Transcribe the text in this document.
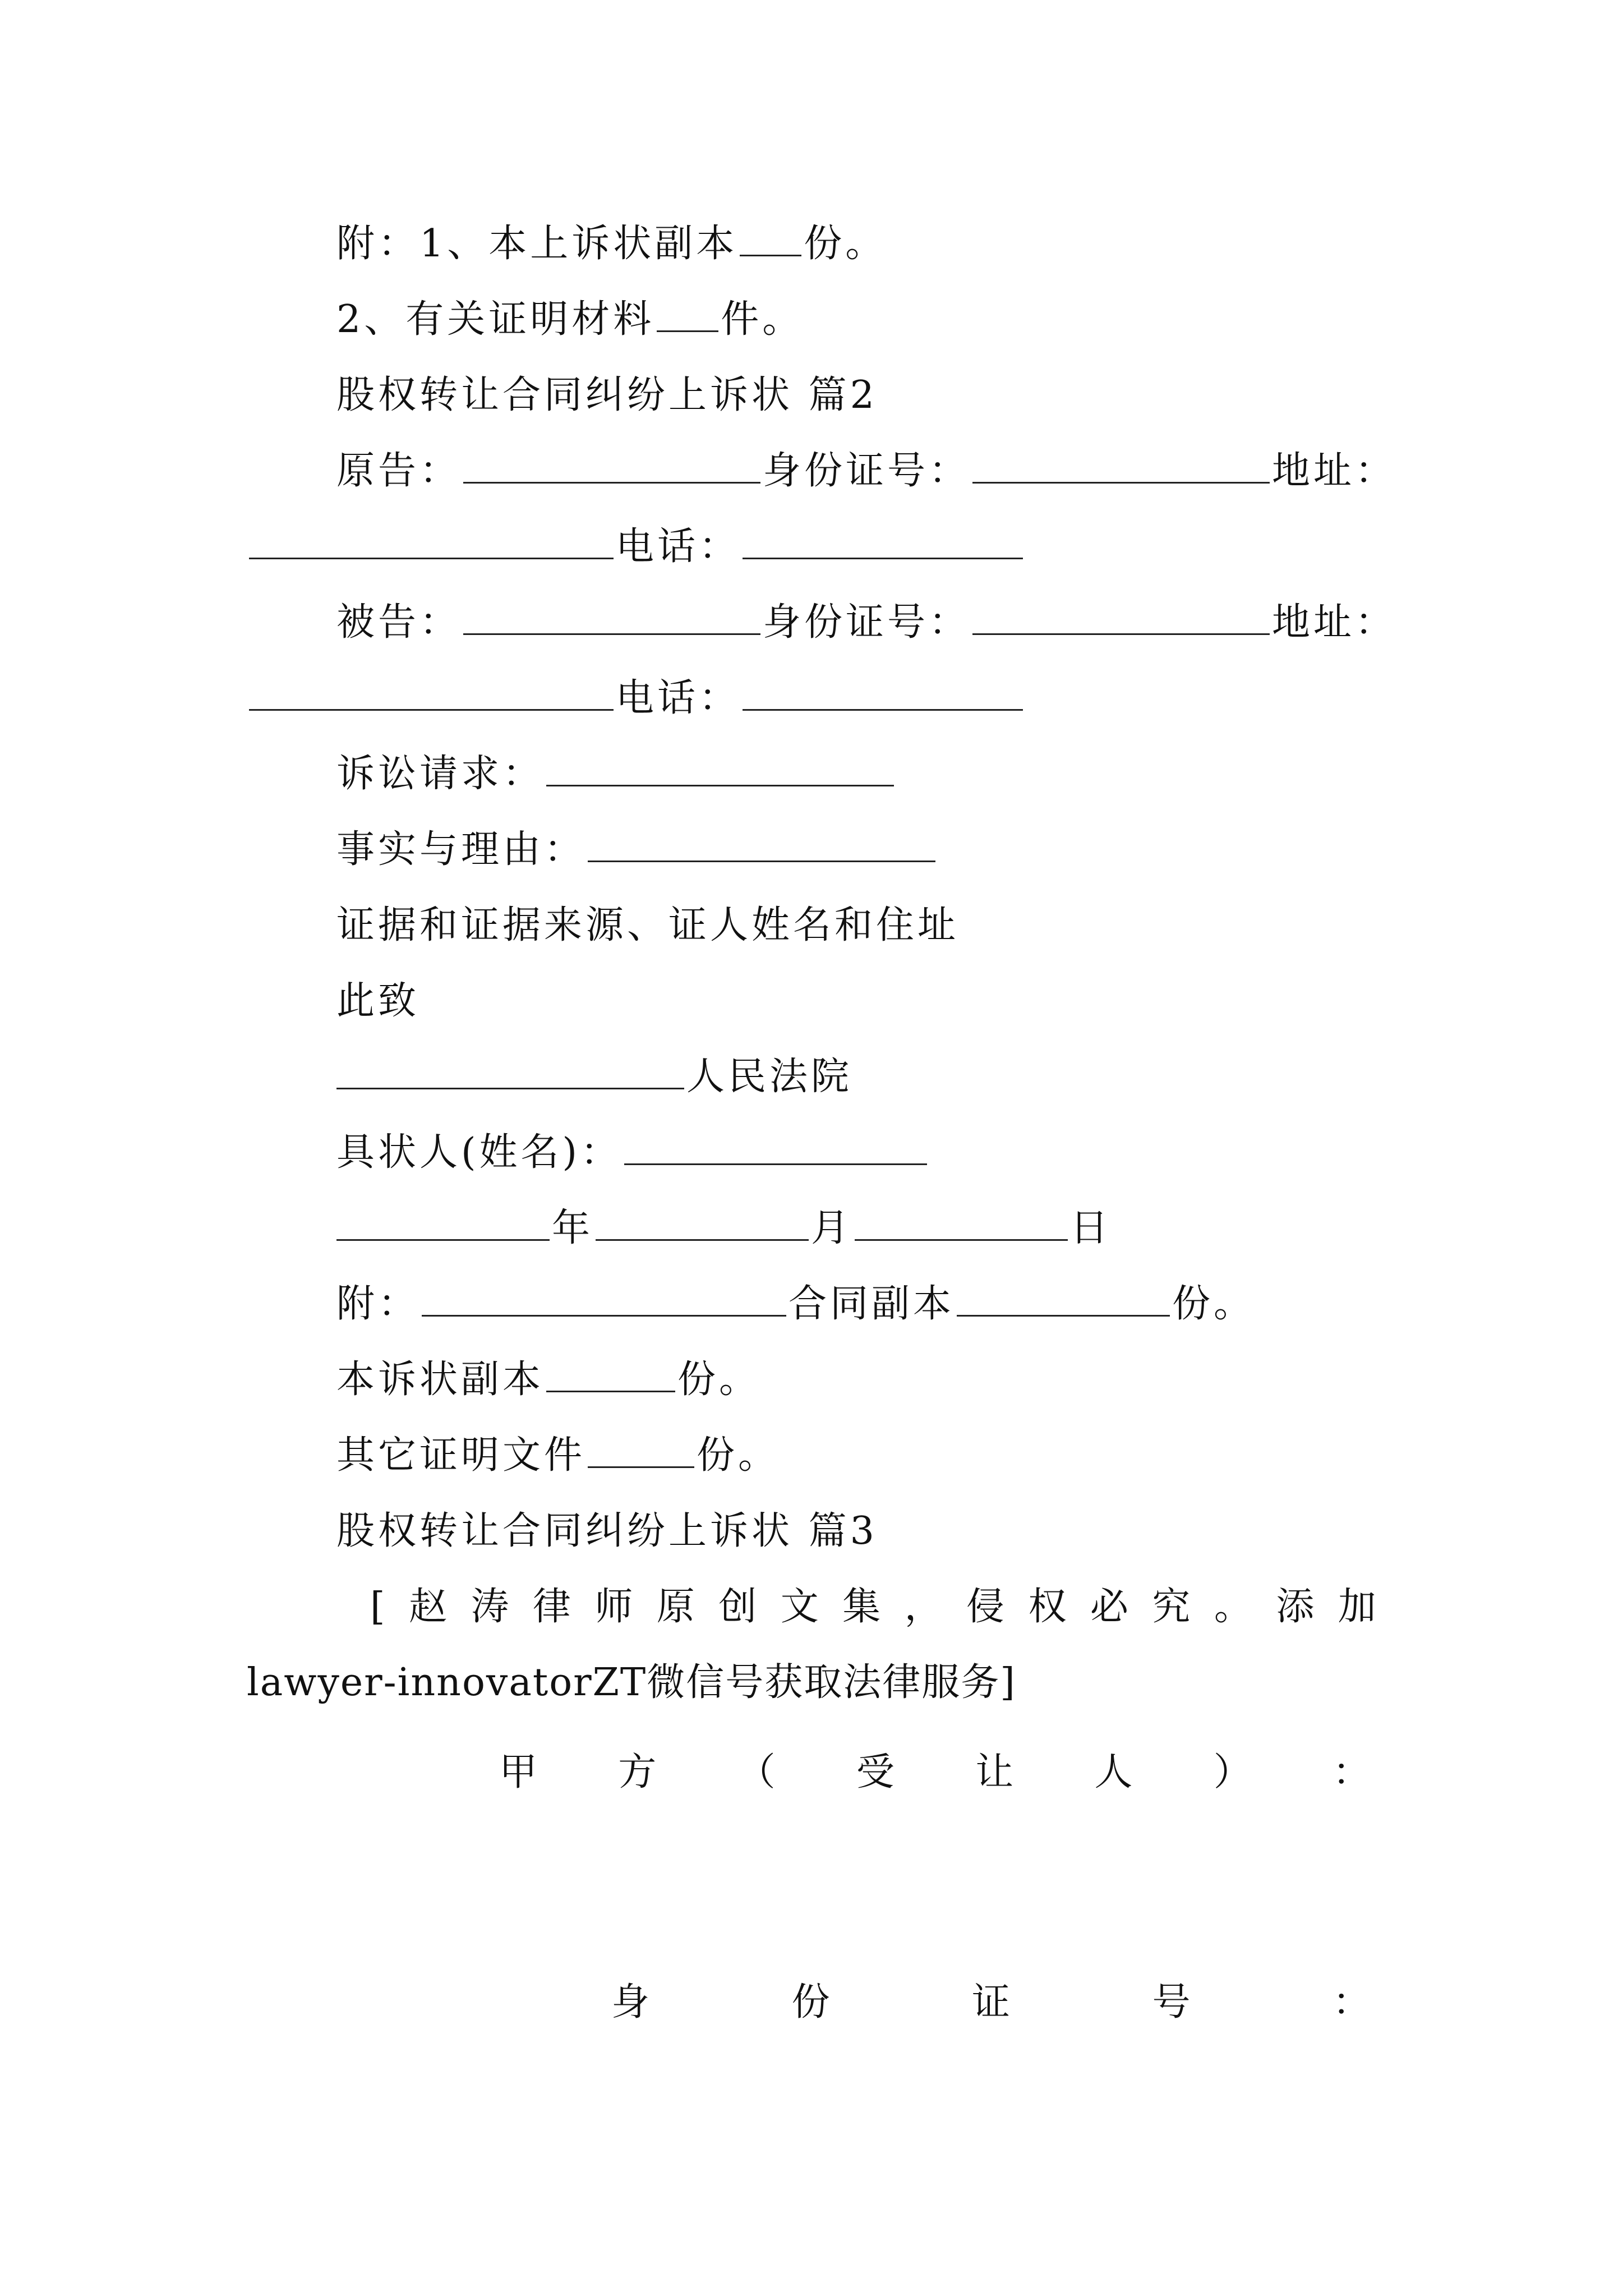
附：1、本上诉状副本 份。
2、有关证明材料 件。
股权转让合同纠纷上诉状 篇2
原告：	身份证号：	地址：
电话：
被告：	身份证号：	地址：
电话：
诉讼请求：
事实与理由：
证据和证据来源、证人姓名和住址
此致
人民法院
具状人(姓名)：
年	月	日
附：	合同副本	份。
本诉状副本	份。
其它证明文件	份。
股权转让合同纠纷上诉状 篇3
[ 赵 涛 律 师 原 创 文 集 ， 侵 权 必 究 。 添 加
lawyer-innovatorZT微信号获取法律服务]
甲 方 （ 受 让 人 ） ：
身	份	证	号	：
